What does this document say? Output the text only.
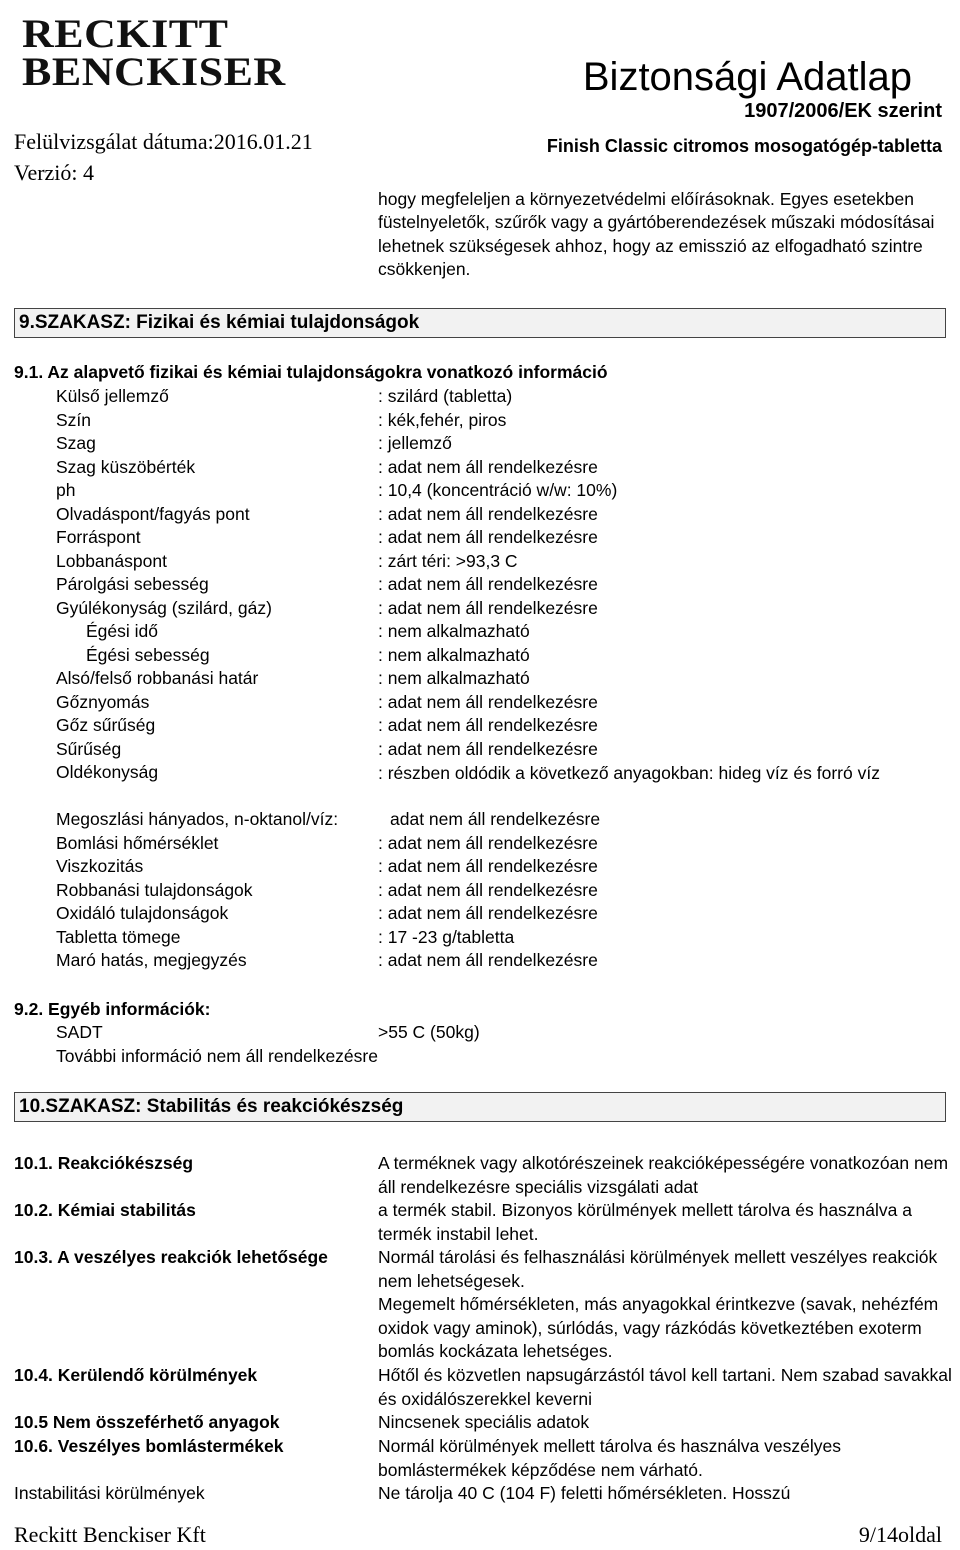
RECKITT
BENCKISER	Biztonsági Adatlap
1907/2006/EK szerint
Finish Classic citromos mosogatógép-tabletta
Felülvizsgálat dátuma:2016.01.21
Verzió: 4
hogy megfeleljen a környezetvédelmi előírásoknak. Egyes esetekben füstelnyeletők, szűrők vagy a gyártóberendezések műszaki módosításai lehetnek szükségesek ahhoz, hogy az emisszió az elfogadható szintre csökkenjen.
9.SZAKASZ: Fizikai és kémiai tulajdonságok
9.1. Az alapvető fizikai és kémiai tulajdonságokra vonatkozó információ
Külső jellemző	: szilárd (tabletta)
Szín	: kék,fehér, piros
Szag	: jellemző
Szag küszöbérték	: adat nem áll rendelkezésre
ph	: 10,4 (koncentráció w/w: 10%)
Olvadáspont/fagyás pont	: adat nem áll rendelkezésre
Forráspont	: adat nem áll rendelkezésre
Lobbanáspont	: zárt téri: >93,3 C
Párolgási sebesség	: adat nem áll rendelkezésre
Gyúlékonyság (szilárd, gáz)	: adat nem áll rendelkezésre
Égési idő	: nem alkalmazható
Égési sebesség	: nem alkalmazható
Alsó/felső robbanási határ	: nem alkalmazható
Gőznyomás	: adat nem áll rendelkezésre
Gőz sűrűség	: adat nem áll rendelkezésre
Sűrűség	: adat nem áll rendelkezésre
Oldékonyság	: részben oldódik a következő anyagokban: hideg víz és forró víz
Megoszlási hányados, n-oktanol/víz:	adat nem áll rendelkezésre
Bomlási hőmérséklet	: adat nem áll rendelkezésre
Viszkozitás	: adat nem áll rendelkezésre
Robbanási tulajdonságok	: adat nem áll rendelkezésre
Oxidáló tulajdonságok	: adat nem áll rendelkezésre
Tabletta tömege	: 17 -23 g/tabletta
Maró hatás, megjegyzés	: adat nem áll rendelkezésre
9.2. Egyéb információk:
SADT	>55 C (50kg)
További információ nem áll rendelkezésre
10.SZAKASZ: Stabilitás és reakciókészség
10.1. Reakciókészség	A terméknek vagy alkotórészeinek reakcióképességére vonatkozóan nem áll rendelkezésre speciális vizsgálati adat
10.2. Kémiai stabilitás	a termék stabil. Bizonyos körülmények mellett tárolva és használva a termék instabil lehet.
10.3. A veszélyes reakciók lehetősége	Normál tárolási és felhasználási körülmények mellett veszélyes reakciók nem lehetségesek.

Megemelt hőmérsékleten, más anyagokkal érintkezve (savak, nehézfém oxidok vagy aminok), súrlódás, vagy rázkódás következtében exoterm bomlás kockázata lehetséges.

10.4. Kerülendő körülmények	Hőtől és közvetlen napsugárzástól távol kell tartani. Nem szabad savakkal és oxidálószerekkel keverni
10.5 Nem összeférhető anyagok	Nincsenek speciális adatok
10.6. Veszélyes bomlástermékek	Normál körülmények mellett tárolva és használva veszélyes bomlástermékek képződése nem várható.
Instabilitási körülmények	Ne tárolja 40 C (104 F) feletti hőmérsékleten. Hosszú
Reckitt Benckiser Kft	9/14oldal
